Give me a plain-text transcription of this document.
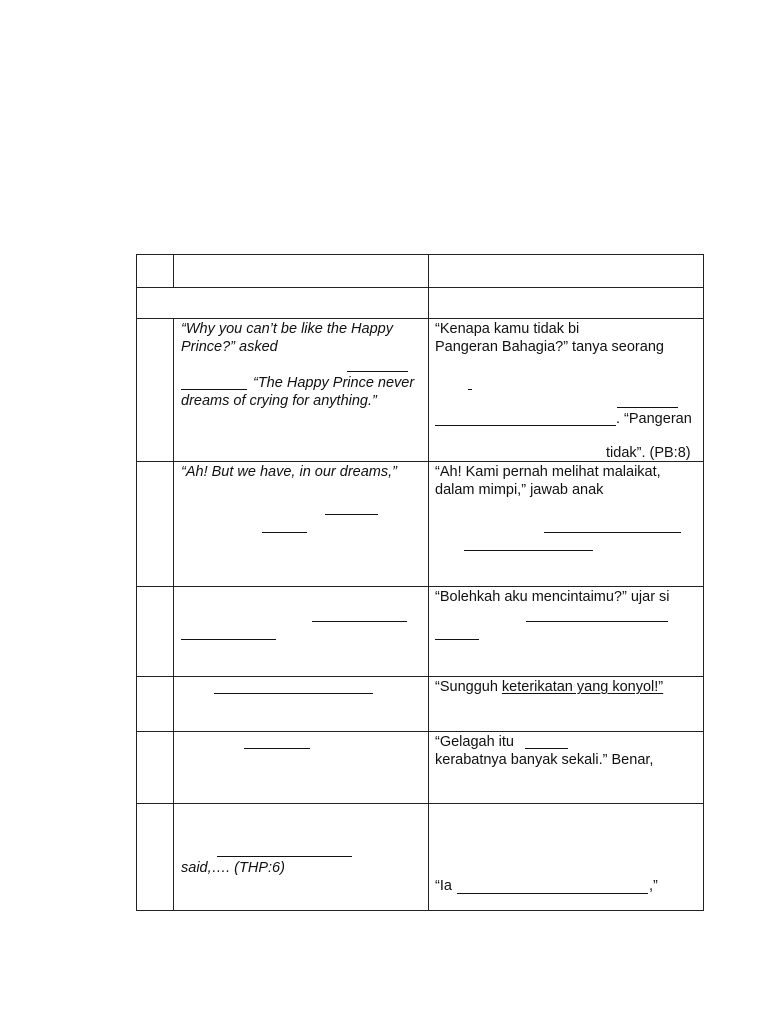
“Why you can’t be like the Happy
Prince?” asked
“The Happy Prince never
dreams of crying for anything.”
“Kenapa kamu tidak bi
Pangeran Bahagia?” tanya seorang
. “Pangeran
tidak”. (PB:8)
“Ah! But we have, in our dreams,”	“Ah! Kami pernah melihat malaikat,
dalam mimpi,” jawab anak
“Bolehkah aku mencintaimu?” ujar si
“Sungguh keterikatan yang konyol!”
“Gelagah itu
kerabatnya banyak sekali.” Benar,
said,…. (THP:6)
“Ia	,”
